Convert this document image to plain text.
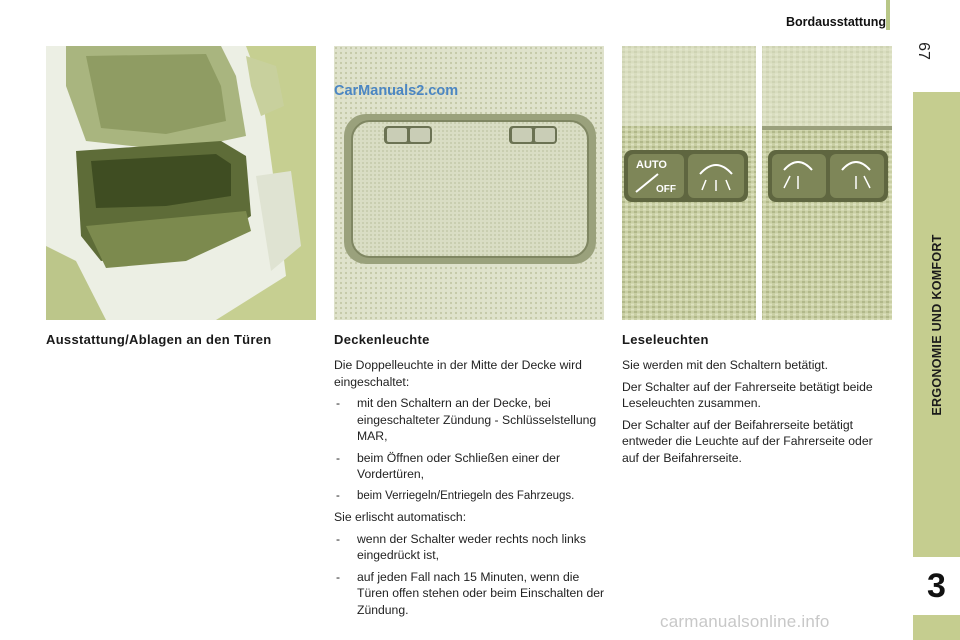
Bordausstattung
67
ERGONOMIE UND KOMFORT
3
CarManuals2.com
AUTO
OFF
Ausstattung/Ablagen an den Türen	Deckenleuchte	Leseleuchten

Die Doppelleuchte in der Mitte der Decke wird eingeschaltet:

- mit den Schaltern an der Decke, bei eingeschalteter Zündung - Schlüsselstellung MAR,
- beim Öffnen oder Schließen einer der Vordertüren,
- beim Verriegeln/Entriegeln des Fahrzeugs.

Sie erlischt automatisch:

- wenn der Schalter weder rechts noch links eingedrückt ist,
- auf jeden Fall nach 15 Minuten, wenn die Türen offen stehen oder beim Einschalten der Zündung.

Sie werden mit den Schaltern betätigt.

Der Schalter auf der Fahrerseite betätigt beide Leseleuchten zusammen.

Der Schalter auf der Beifahrerseite betätigt entweder die Leuchte auf der Fahrerseite oder auf der Beifahrerseite.

carmanualsonline.info
